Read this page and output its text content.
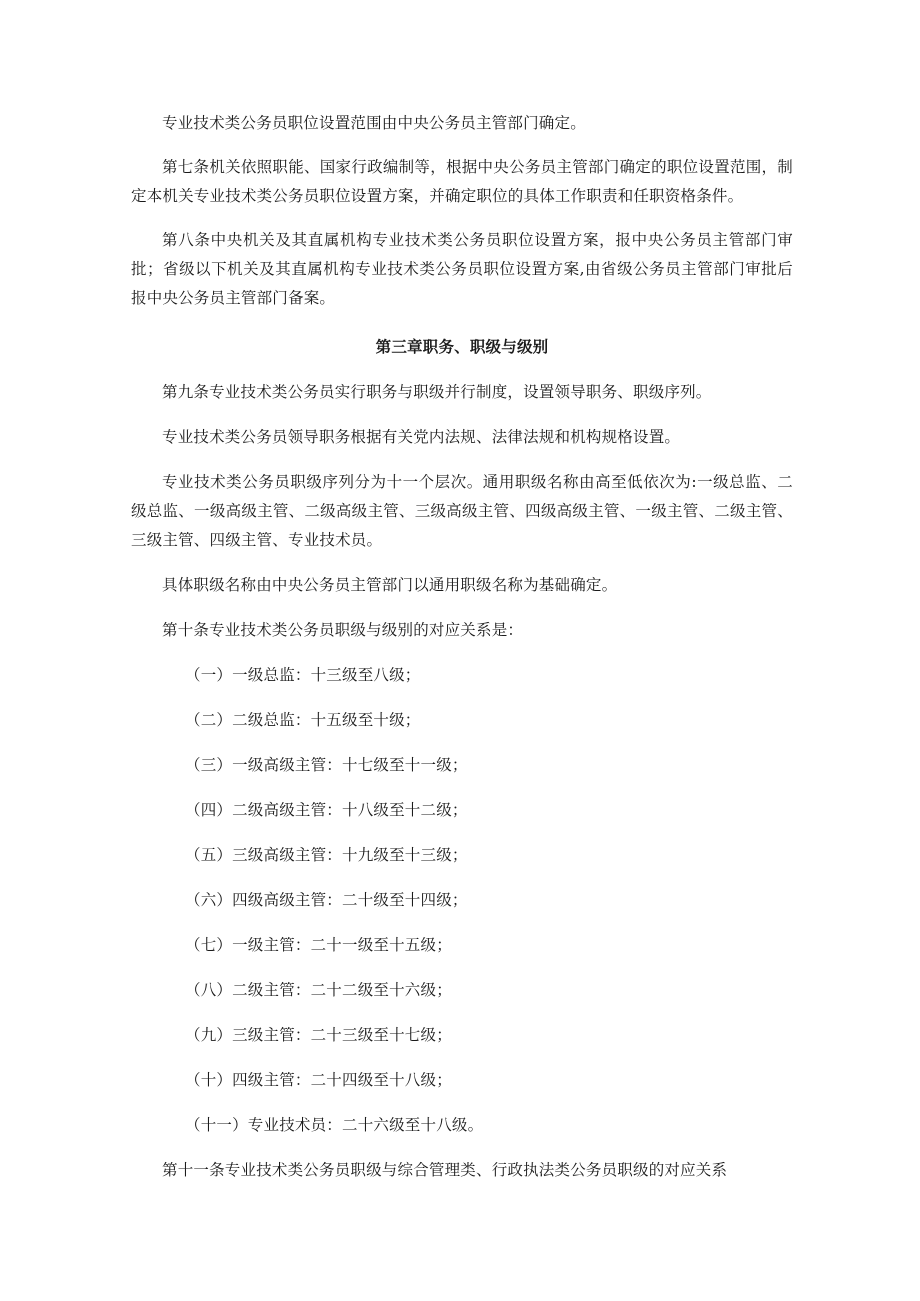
专业技术类公务员职位设置范围由中央公务员主管部门确定。

第七条机关依照职能、国家行政编制等，根据中央公务员主管部门确定的职位设置范围，制定本机关专业技术类公务员职位设置方案，并确定职位的具体工作职责和任职资格条件。

第八条中央机关及其直属机构专业技术类公务员职位设置方案，报中央公务员主管部门审批；省级以下机关及其直属机构专业技术类公务员职位设置方案,由省级公务员主管部门审批后报中央公务员主管部门备案。

第三章职务、职级与级别

第九条专业技术类公务员实行职务与职级并行制度，设置领导职务、职级序列。

专业技术类公务员领导职务根据有关党内法规、法律法规和机构规格设置。

专业技术类公务员职级序列分为十一个层次。通用职级名称由高至低依次为:一级总监、二级总监、一级高级主管、二级高级主管、三级高级主管、四级高级主管、一级主管、二级主管、三级主管、四级主管、专业技术员。

具体职级名称由中央公务员主管部门以通用职级名称为基础确定。

第十条专业技术类公务员职级与级别的对应关系是：

（一）一级总监：十三级至八级；

（二）二级总监：十五级至十级；

（三）一级高级主管：十七级至十一级；

（四）二级高级主管：十八级至十二级；

（五）三级高级主管：十九级至十三级；

（六）四级高级主管：二十级至十四级；

（七）一级主管：二十一级至十五级；

（八）二级主管：二十二级至十六级；

（九）三级主管：二十三级至十七级；

（十）四级主管：二十四级至十八级；

（十一）专业技术员：二十六级至十八级。

第十一条专业技术类公务员职级与综合管理类、行政执法类公务员职级的对应关系
